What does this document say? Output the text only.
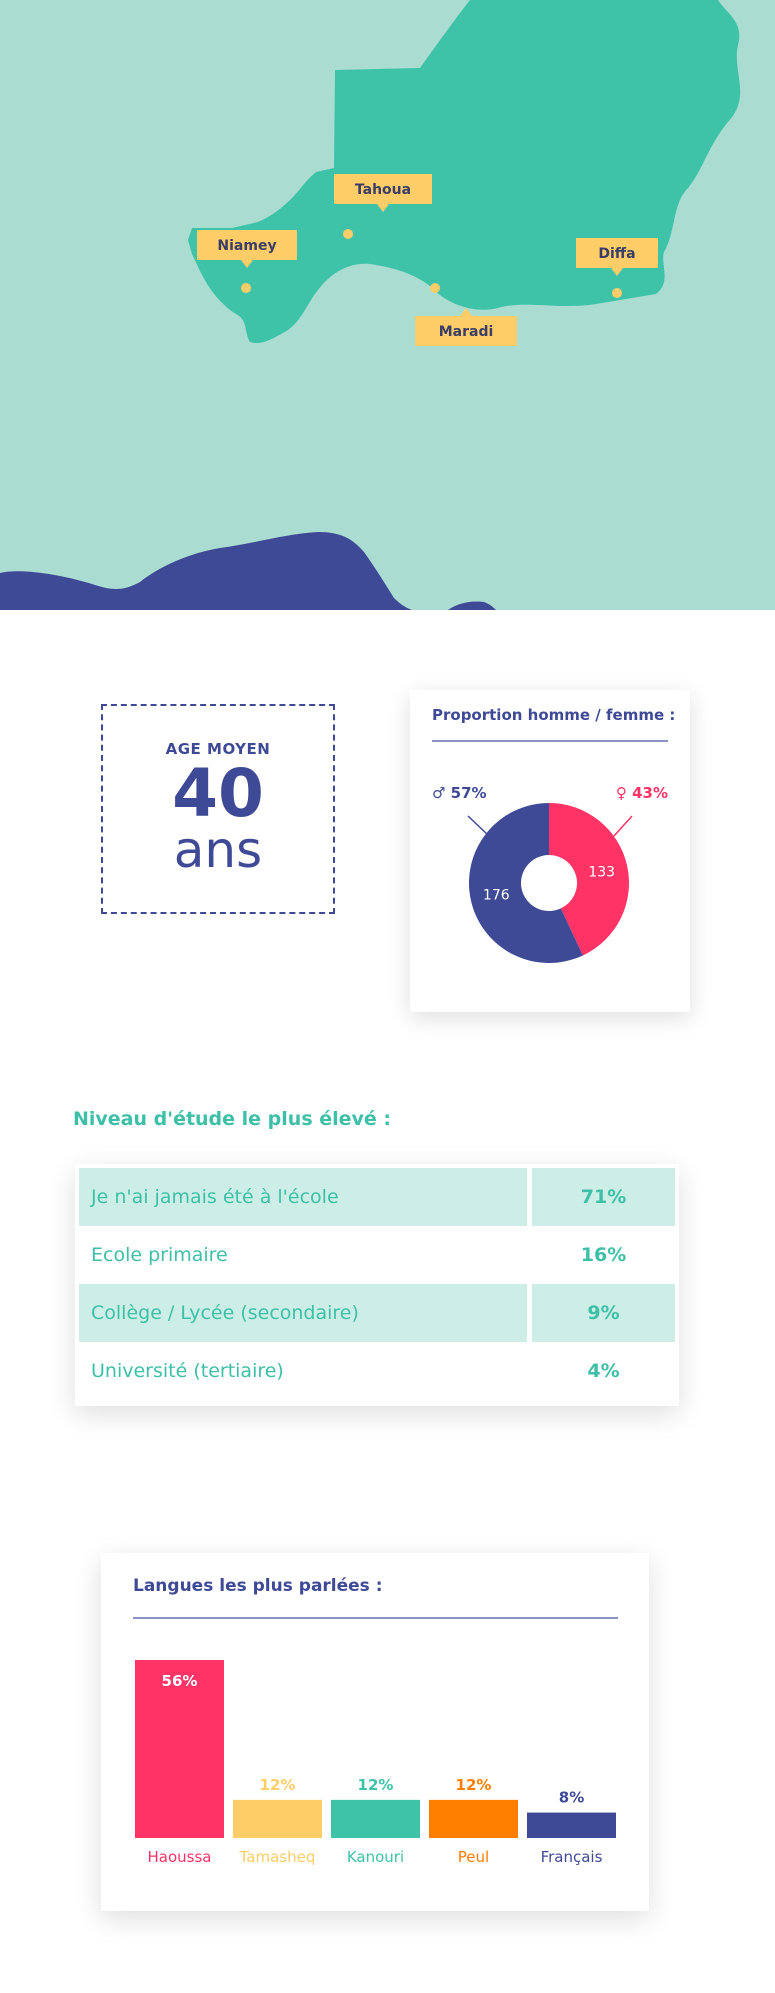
Tahoua
Niamey	Diffa
Maradi
AGE MOYEN
40
ans
Proportion homme / femme :
♂ 57%	♀ 43%
133
176
Niveau d'étude le plus élevé :
Je n'ai jamais été à l'école	71%
Ecole primaire	16%
Collège / Lycée (secondaire)	9%
Université (tertiaire)	4%
Langues les plus parlées :
56%
Haoussa
12%
Tamasheq
12%
Kanouri
12%
Peul
8%
Français
